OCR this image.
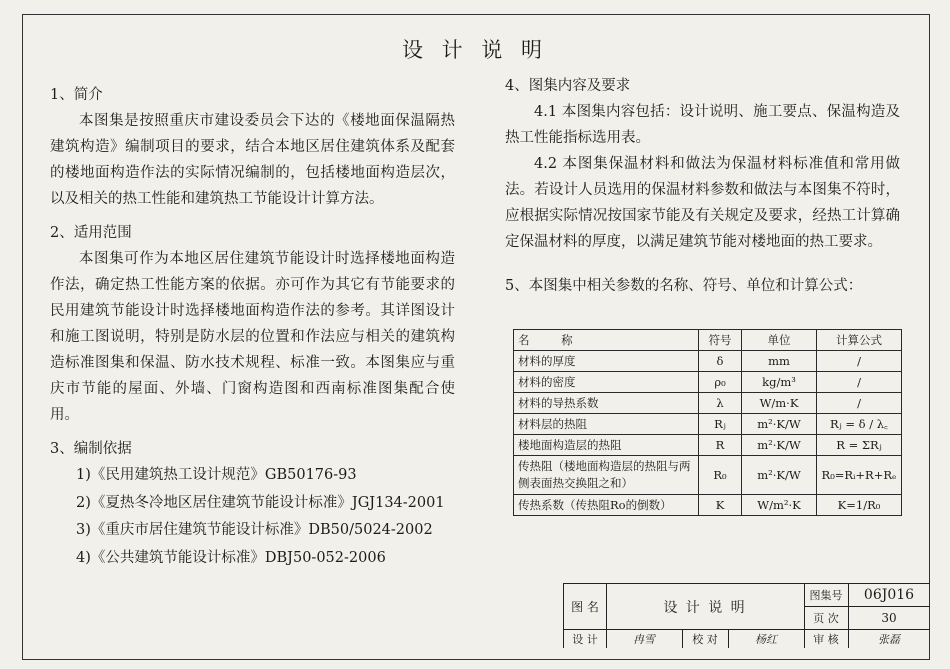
设 计 说 明

1、简介

本图集是按照重庆市建设委员会下达的《楼地面保温隔热建筑构造》编制项目的要求，结合本地区居住建筑体系及配套的楼地面构造作法的实际情况编制的，包括楼地面构造层次，以及相关的热工性能和建筑热工节能设计计算方法。

2、适用范围

本图集可作为本地区居住建筑节能设计时选择楼地面构造作法，确定热工性能方案的依据。亦可作为其它有节能要求的民用建筑节能设计时选择楼地面构造作法的参考。其详图设计和施工图说明，特别是防水层的位置和作法应与相关的建筑构造标准图集和保温、防水技术规程、标准一致。本图集应与重庆市节能的屋面、外墙、门窗构造图和西南标准图集配合使用。

3、编制依据

1)《民用建筑热工设计规范》GB50176-93

2)《夏热冬冷地区居住建筑节能设计标准》JGJ134-2001

3)《重庆市居住建筑节能设计标准》DB50/5024-2002

4)《公共建筑节能设计标准》DBJ50-052-2006

4、图集内容及要求

4.1 本图集内容包括：设计说明、施工要点、保温构造及热工性能指标选用表。

4.2 本图集保温材料和做法为保温材料标准值和常用做法。若设计人员选用的保温材料参数和做法与本图集不符时，应根据实际情况按国家节能及有关规定及要求，经热工计算确定保温材料的厚度，以满足建筑节能对楼地面的热工要求。

5、本图集中相关参数的名称、符号、单位和计算公式：

名 称	符号	单位	计算公式
材料的厚度	δ	mm	/
材料的密度	ρ₀	kg/m³	/
材料的导热系数	λ	W/m·K	/
材料层的热阻	Rⱼ	m²·K/W	Rⱼ = δ / λ꜀
楼地面构造层的热阻	R	m²·K/W	R = ΣRⱼ
传热阻（楼地面构造层的热阻与两侧表面热交换阻之和）	R₀	m²·K/W	R₀=Rᵢ+R+Rₑ
传热系数（传热阻Ro的倒数）	K	W/m²·K	K=1/R₀
图 名	设 计 说 明
图集号	06J016
页 次	30
设 计	冉雪	校 对	杨红	审 核	张磊
